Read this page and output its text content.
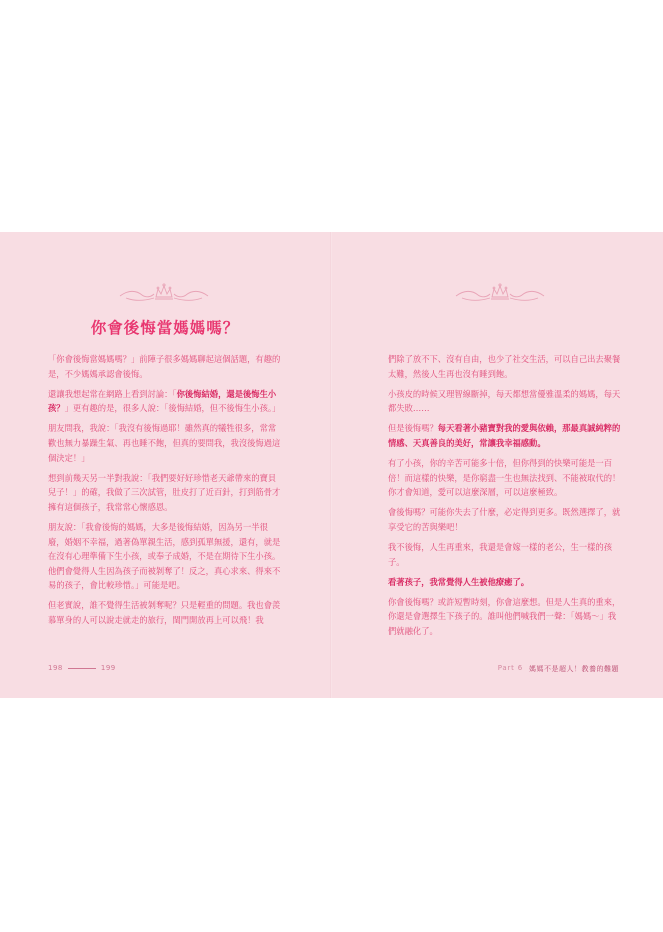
你會後悔當媽媽嗎？

「你會後悔當媽媽嗎？」前陣子很多媽媽聊起這個話題，有趣的是，不少媽媽承認會後悔。

還讓我想起常在網路上看到討論：「你後悔結婚，還是後悔生小孩？」更有趣的是，很多人說：「後悔結婚，但不後悔生小孩。」

朋友問我，我說：「我沒有後悔過耶！雖然真的犧牲很多，常常歡也無力暴躁生氣、再也睡不飽，但真的要問我，我沒後悔過這個決定！」

想到前幾天另一半對我說：「我們要好好珍惜老天爺帶來的寶貝兒子！」的確，我做了三次試管，肚皮打了近百針，打到筋骨才擁有這個孩子，我常常心懷感恩。

朋友說：「我會後悔的媽媽，大多是後悔結婚，因為另一半很廢，婚姻不幸福，過著偽單親生活，感到孤單無援，還有，就是在沒有心理準備下生小孩，或奉子成婚，不是在期待下生小孩。他們會覺得人生因為孩子而被剝奪了！反之，真心求來、得來不易的孩子，會比較珍惜。」可能是吧。

但老實說，誰不覺得生活被剝奪呢？只是輕重的問題。我也會羨慕單身的人可以說走就走的旅行，閨門開放再上可以飛！我

198	199

們除了放不下、沒有自由，也少了社交生活，可以自己出去聚餐太難，然後人生再也沒有睡到飽。

小孩皮的時候又理智線斷掉，每天都想當優雅溫柔的媽媽，每天都失敗……

但是後悔嗎？每天看著小豬寶對我的愛與依賴，那最真誠純粹的情感、天真善良的美好，常讓我幸福感動。

有了小孩，你的辛苦可能多十倍，但你得到的快樂可能是一百倍！而這樣的快樂，是你窮盡一生也無法找到、不能被取代的！你才會知道，愛可以這麼深層，可以這麼極致。

會後悔嗎？可能你失去了什麼，必定得到更多。既然選擇了，就享受它的苦與樂吧！

我不後悔，人生再重來，我還是會嫁一樣的老公，生一樣的孩子。

看著孩子，我常覺得人生被他療癒了。

你會後悔嗎？或許短暫時刻，你會這麼想。但是人生真的重來，你還是會選擇生下孩子的。誰叫他們喊我們一聲：「媽媽～」我們就融化了。

Part 6 媽媽不是超人！教養的難題
